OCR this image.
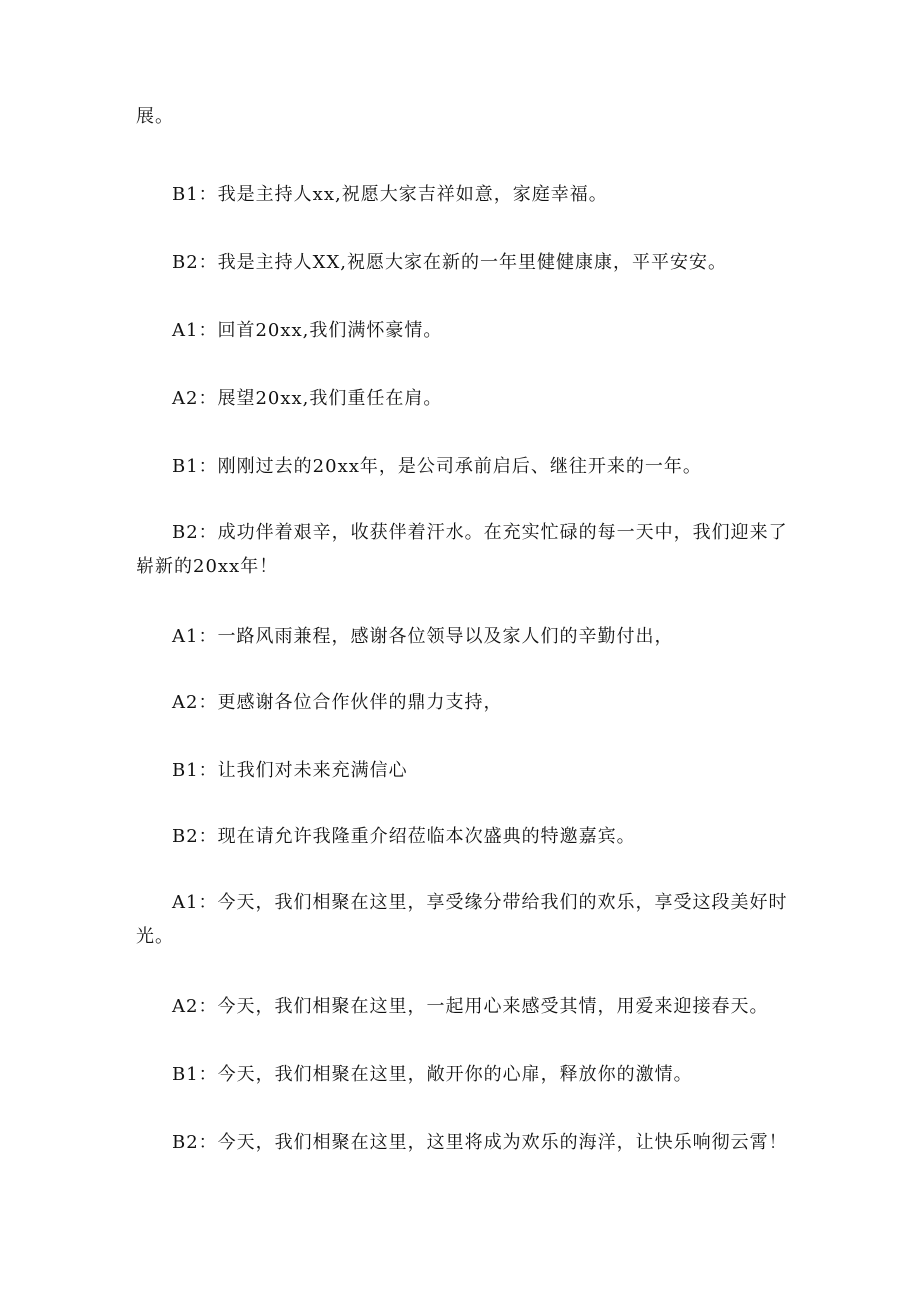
展。

B1：我是主持人xx,祝愿大家吉祥如意，家庭幸福。

B2：我是主持人XX,祝愿大家在新的一年里健健康康，平平安安。

A1：回首20xx,我们满怀豪情。

A2：展望20xx,我们重任在肩。

B1：刚刚过去的20xx年，是公司承前启后、继往开来的一年。

B2：成功伴着艰辛，收获伴着汗水。在充实忙碌的每一天中，我们迎来了崭新的20xx年！

A1：一路风雨兼程，感谢各位领导以及家人们的辛勤付出，

A2：更感谢各位合作伙伴的鼎力支持，

B1：让我们对未来充满信心

B2：现在请允许我隆重介绍莅临本次盛典的特邀嘉宾。

A1：今天，我们相聚在这里，享受缘分带给我们的欢乐，享受这段美好时光。

A2：今天，我们相聚在这里，一起用心来感受其情，用爱来迎接春天。

B1：今天，我们相聚在这里，敞开你的心扉，释放你的激情。

B2：今天，我们相聚在这里，这里将成为欢乐的海洋，让快乐响彻云霄！
